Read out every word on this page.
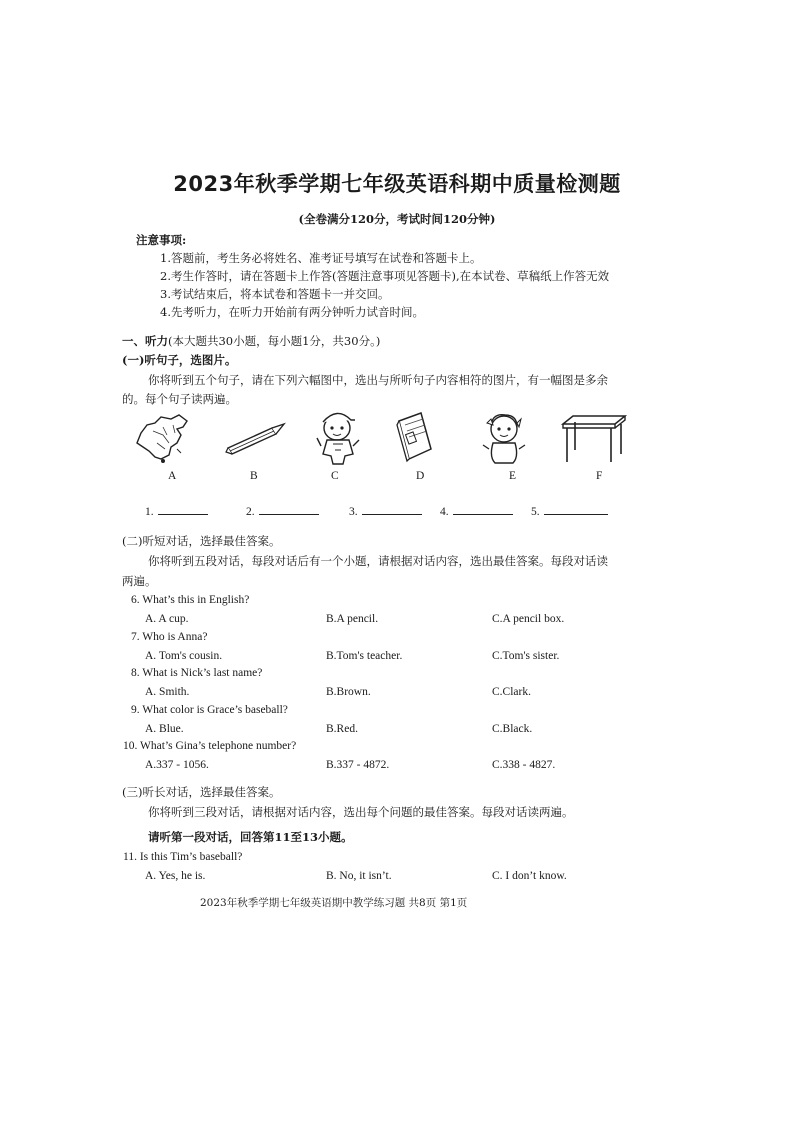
2023年秋季学期七年级英语科期中质量检测题
(全卷满分120分，考试时间120分钟)
注意事项:
1.答题前，考生务必将姓名、准考证号填写在试卷和答题卡上。
2.考生作答时，请在答题卡上作答(答题注意事项见答题卡),在本试卷、草稿纸上作答无效
3.考试结束后，将本试卷和答题卡一并交回。
4.先考听力，在听力开始前有两分钟听力试音时间。
一、听力(本大题共30小题，每小题1分，共30分。)
(一)听句子，选图片。
你将听到五个句子，请在下列六幅图中，选出与所听句子内容相符的图片，有一幅图是多余
的。每个句子读两遍。
A	B	C	D	E	F
1.	2.	3.	4.	5.
(二)听短对话，选择最佳答案。
你将听到五段对话，每段对话后有一个小题，请根据对话内容，选出最佳答案。每段对话读
两遍。
6. What’s this in English?
A. A cup.	B.A pencil.	C.A pencil box.
7. Who is Anna?
A. Tom's cousin.	B.Tom's teacher.	C.Tom's sister.
8. What is Nick’s last name?
A. Smith.	B.Brown.	C.Clark.
9. What color is Grace’s baseball?
A. Blue.	B.Red.	C.Black.
10. What’s Gina’s telephone number?
A.337 - 1056.	B.337 - 4872.	C.338 - 4827.
(三)听长对话，选择最佳答案。
你将听到三段对话，请根据对话内容，选出每个问题的最佳答案。每段对话读两遍。
请听第一段对话，回答第11至13小题。
11. Is this Tim’s baseball?
A. Yes, he is.	B. No, it isn’t.	C. I don’t know.
2023年秋季学期七年级英语期中教学练习题 共8页 第1页
